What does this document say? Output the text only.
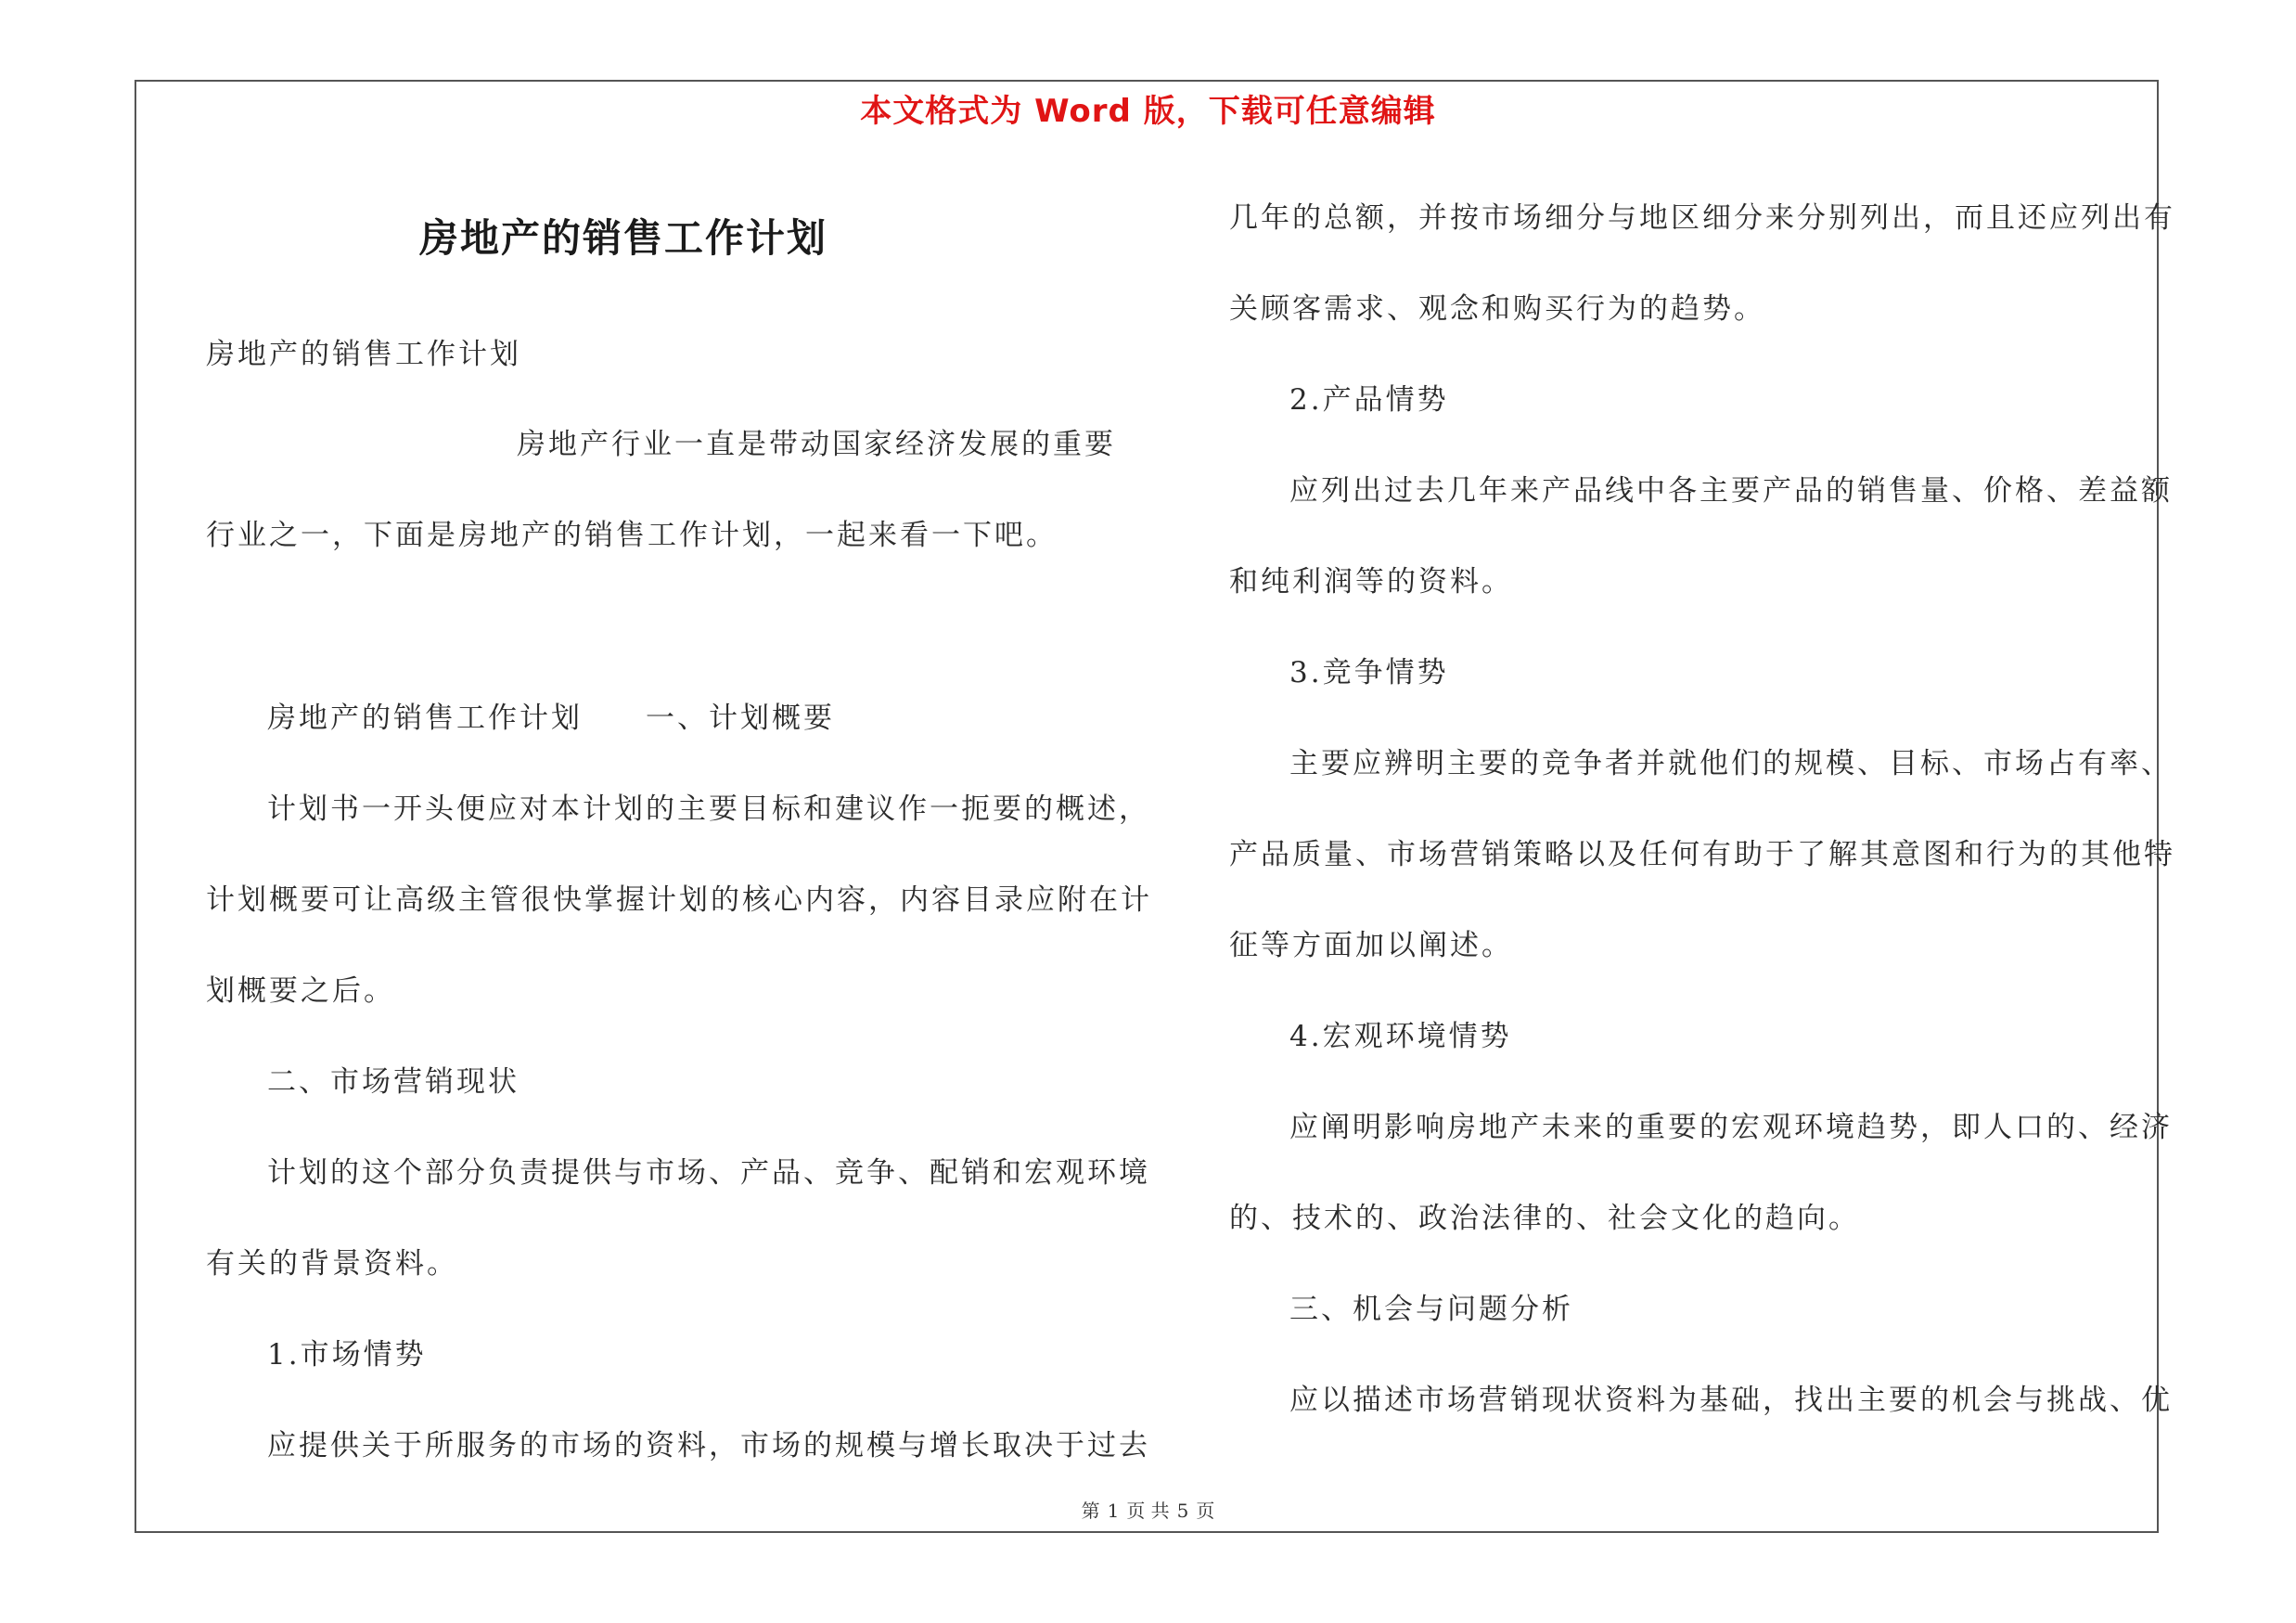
本文格式为 Word 版，下载可任意编辑
房地产的销售工作计划
房地产的销售工作计划
房地产行业一直是带动国家经济发展的重要
行业之一，下面是房地产的销售工作计划，一起来看一下吧。
房地产的销售工作计划　　一、计划概要
计划书一开头便应对本计划的主要目标和建议作一扼要的概述，
计划概要可让高级主管很快掌握计划的核心内容，内容目录应附在计
划概要之后。
二、市场营销现状
计划的这个部分负责提供与市场、产品、竞争、配销和宏观环境
有关的背景资料。
1.市场情势
应提供关于所服务的市场的资料，市场的规模与增长取决于过去
几年的总额，并按市场细分与地区细分来分别列出，而且还应列出有
关顾客需求、观念和购买行为的趋势。
2.产品情势
应列出过去几年来产品线中各主要产品的销售量、价格、差益额
和纯利润等的资料。
3.竞争情势
主要应辨明主要的竞争者并就他们的规模、目标、市场占有率、
产品质量、市场营销策略以及任何有助于了解其意图和行为的其他特
征等方面加以阐述。
4.宏观环境情势
应阐明影响房地产未来的重要的宏观环境趋势，即人口的、经济
的、技术的、政治法律的、社会文化的趋向。
三、机会与问题分析
应以描述市场营销现状资料为基础，找出主要的机会与挑战、优
第 1 页 共 5 页
